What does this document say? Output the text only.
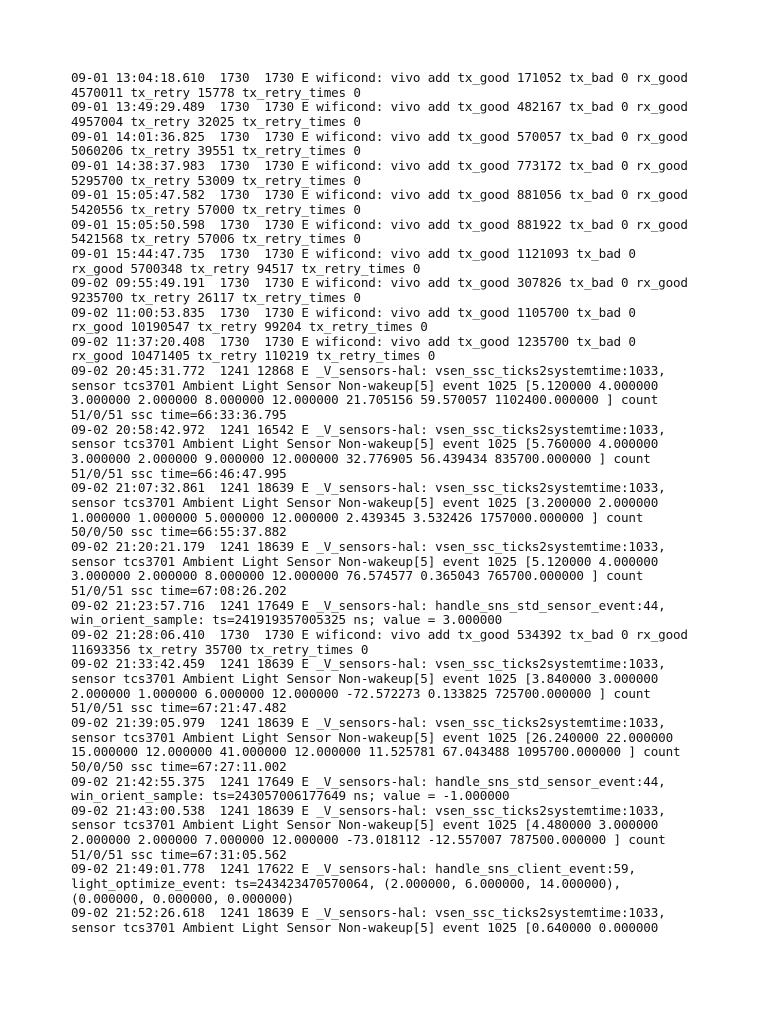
09-01 13:04:18.610  1730  1730 E wificond: vivo add tx_good 171052 tx_bad 0 rx_good
4570011 tx_retry 15778 tx_retry_times 0
09-01 13:49:29.489  1730  1730 E wificond: vivo add tx_good 482167 tx_bad 0 rx_good
4957004 tx_retry 32025 tx_retry_times 0
09-01 14:01:36.825  1730  1730 E wificond: vivo add tx_good 570057 tx_bad 0 rx_good
5060206 tx_retry 39551 tx_retry_times 0
09-01 14:38:37.983  1730  1730 E wificond: vivo add tx_good 773172 tx_bad 0 rx_good
5295700 tx_retry 53009 tx_retry_times 0
09-01 15:05:47.582  1730  1730 E wificond: vivo add tx_good 881056 tx_bad 0 rx_good
5420556 tx_retry 57000 tx_retry_times 0
09-01 15:05:50.598  1730  1730 E wificond: vivo add tx_good 881922 tx_bad 0 rx_good
5421568 tx_retry 57006 tx_retry_times 0
09-01 15:44:47.735  1730  1730 E wificond: vivo add tx_good 1121093 tx_bad 0
rx_good 5700348 tx_retry 94517 tx_retry_times 0
09-02 09:55:49.191  1730  1730 E wificond: vivo add tx_good 307826 tx_bad 0 rx_good
9235700 tx_retry 26117 tx_retry_times 0
09-02 11:00:53.835  1730  1730 E wificond: vivo add tx_good 1105700 tx_bad 0
rx_good 10190547 tx_retry 99204 tx_retry_times 0
09-02 11:37:20.408  1730  1730 E wificond: vivo add tx_good 1235700 tx_bad 0
rx_good 10471405 tx_retry 110219 tx_retry_times 0
09-02 20:45:31.772  1241 12868 E _V_sensors-hal: vsen_ssc_ticks2systemtime:1033,
sensor tcs3701 Ambient Light Sensor Non-wakeup[5] event 1025 [5.120000 4.000000
3.000000 2.000000 8.000000 12.000000 21.705156 59.570057 1102400.000000 ] count
51/0/51 ssc time=66:33:36.795
09-02 20:58:42.972  1241 16542 E _V_sensors-hal: vsen_ssc_ticks2systemtime:1033,
sensor tcs3701 Ambient Light Sensor Non-wakeup[5] event 1025 [5.760000 4.000000
3.000000 2.000000 9.000000 12.000000 32.776905 56.439434 835700.000000 ] count
51/0/51 ssc time=66:46:47.995
09-02 21:07:32.861  1241 18639 E _V_sensors-hal: vsen_ssc_ticks2systemtime:1033,
sensor tcs3701 Ambient Light Sensor Non-wakeup[5] event 1025 [3.200000 2.000000
1.000000 1.000000 5.000000 12.000000 2.439345 3.532426 1757000.000000 ] count
50/0/50 ssc time=66:55:37.882
09-02 21:20:21.179  1241 18639 E _V_sensors-hal: vsen_ssc_ticks2systemtime:1033,
sensor tcs3701 Ambient Light Sensor Non-wakeup[5] event 1025 [5.120000 4.000000
3.000000 2.000000 8.000000 12.000000 76.574577 0.365043 765700.000000 ] count
51/0/51 ssc time=67:08:26.202
09-02 21:23:57.716  1241 17649 E _V_sensors-hal: handle_sns_std_sensor_event:44,
win_orient_sample: ts=241919357005325 ns; value = 3.000000
09-02 21:28:06.410  1730  1730 E wificond: vivo add tx_good 534392 tx_bad 0 rx_good
11693356 tx_retry 35700 tx_retry_times 0
09-02 21:33:42.459  1241 18639 E _V_sensors-hal: vsen_ssc_ticks2systemtime:1033,
sensor tcs3701 Ambient Light Sensor Non-wakeup[5] event 1025 [3.840000 3.000000
2.000000 1.000000 6.000000 12.000000 -72.572273 0.133825 725700.000000 ] count
51/0/51 ssc time=67:21:47.482
09-02 21:39:05.979  1241 18639 E _V_sensors-hal: vsen_ssc_ticks2systemtime:1033,
sensor tcs3701 Ambient Light Sensor Non-wakeup[5] event 1025 [26.240000 22.000000
15.000000 12.000000 41.000000 12.000000 11.525781 67.043488 1095700.000000 ] count
50/0/50 ssc time=67:27:11.002
09-02 21:42:55.375  1241 17649 E _V_sensors-hal: handle_sns_std_sensor_event:44,
win_orient_sample: ts=243057006177649 ns; value = -1.000000
09-02 21:43:00.538  1241 18639 E _V_sensors-hal: vsen_ssc_ticks2systemtime:1033,
sensor tcs3701 Ambient Light Sensor Non-wakeup[5] event 1025 [4.480000 3.000000
2.000000 2.000000 7.000000 12.000000 -73.018112 -12.557007 787500.000000 ] count
51/0/51 ssc time=67:31:05.562
09-02 21:49:01.778  1241 17622 E _V_sensors-hal: handle_sns_client_event:59,
light_optimize_event: ts=243423470570064, (2.000000, 6.000000, 14.000000),
(0.000000, 0.000000, 0.000000)
09-02 21:52:26.618  1241 18639 E _V_sensors-hal: vsen_ssc_ticks2systemtime:1033,
sensor tcs3701 Ambient Light Sensor Non-wakeup[5] event 1025 [0.640000 0.000000
